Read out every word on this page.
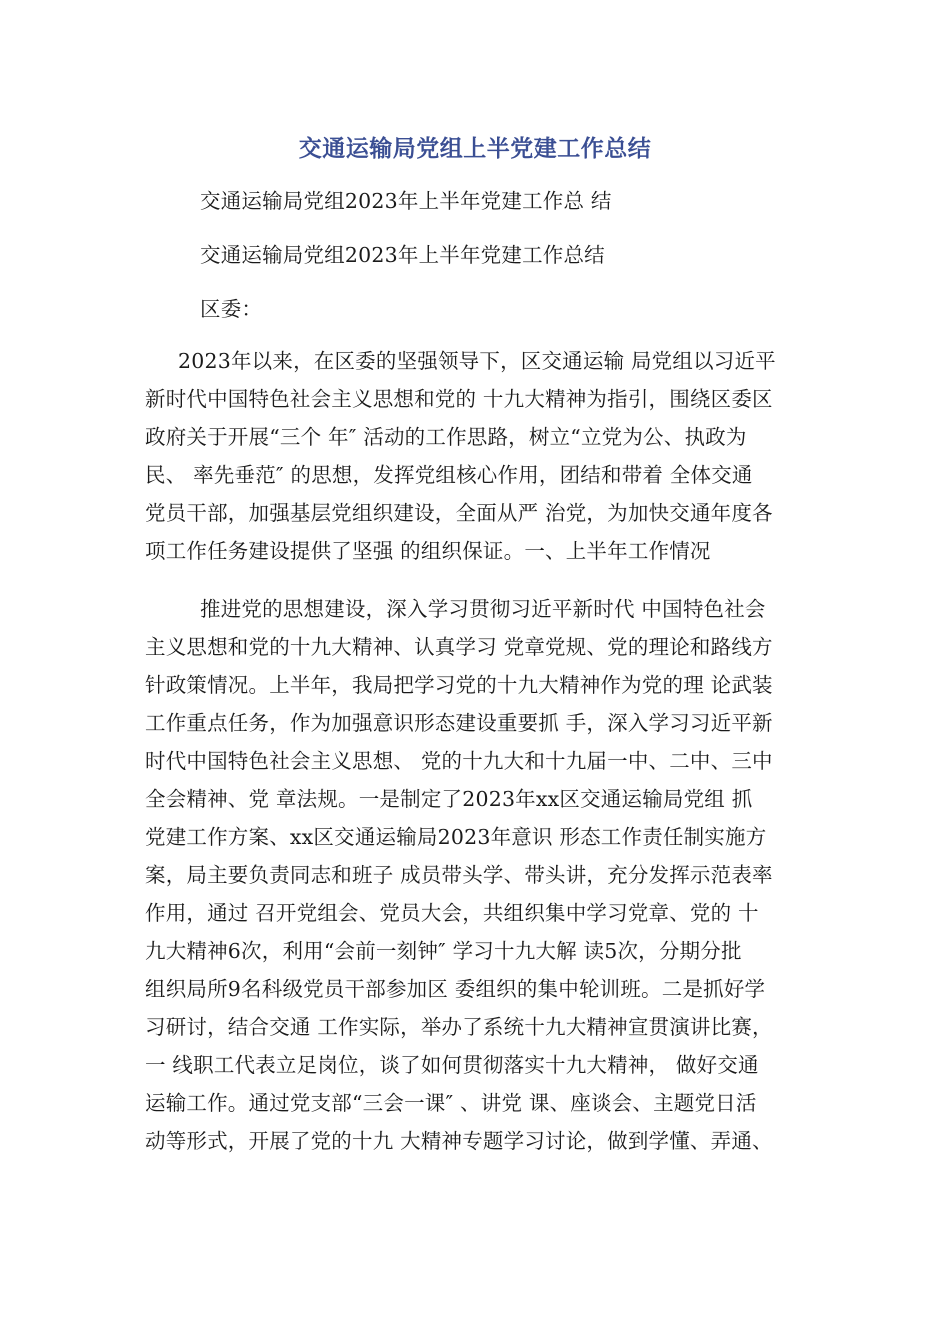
交通运输局党组上半党建工作总结
交通运输局党组2023年上半年党建工作总 结
交通运输局党组2023年上半年党建工作总结
区委：
2023年以来，在区委的坚强领导下，区交通运输 局党组以习近平
新时代中国特色社会主义思想和党的 十九大精神为指引，围绕区委区
政府关于开展“三个 年″ 活动的工作思路，树立“立党为公、执政为
民、 率先垂范″ 的思想，发挥党组核心作用，团结和带着 全体交通
党员干部，加强基层党组织建设，全面从严 治党，为加快交通年度各
项工作任务建设提供了坚强 的组织保证。一、上半年工作情况
推进党的思想建设，深入学习贯彻习近平新时代 中国特色社会
主义思想和党的十九大精神、认真学习 党章党规、党的理论和路线方
针政策情况。上半年，我局把学习党的十九大精神作为党的理 论武装
工作重点任务，作为加强意识形态建设重要抓 手，深入学习习近平新
时代中国特色社会主义思想、 党的十九大和十九届一中、二中、三中
全会精神、党 章法规。一是制定了2023年xx区交通运输局党组 抓
党建工作方案、xx区交通运输局2023年意识 形态工作责任制实施方
案，局主要负责同志和班子 成员带头学、带头讲，充分发挥示范表率
作用，通过 召开党组会、党员大会，共组织集中学习党章、党的 十
九大精神6次，利用“会前一刻钟″ 学习十九大解 读5次，分期分批
组织局所9名科级党员干部参加区 委组织的集中轮训班。二是抓好学
习研讨，结合交通 工作实际，举办了系统十九大精神宣贯演讲比赛，
一 线职工代表立足岗位，谈了如何贯彻落实十九大精神， 做好交通
运输工作。通过党支部“三会一课″ 、讲党 课、座谈会、主题党日活
动等形式，开展了党的十九 大精神专题学习讨论，做到学懂、弄通、
